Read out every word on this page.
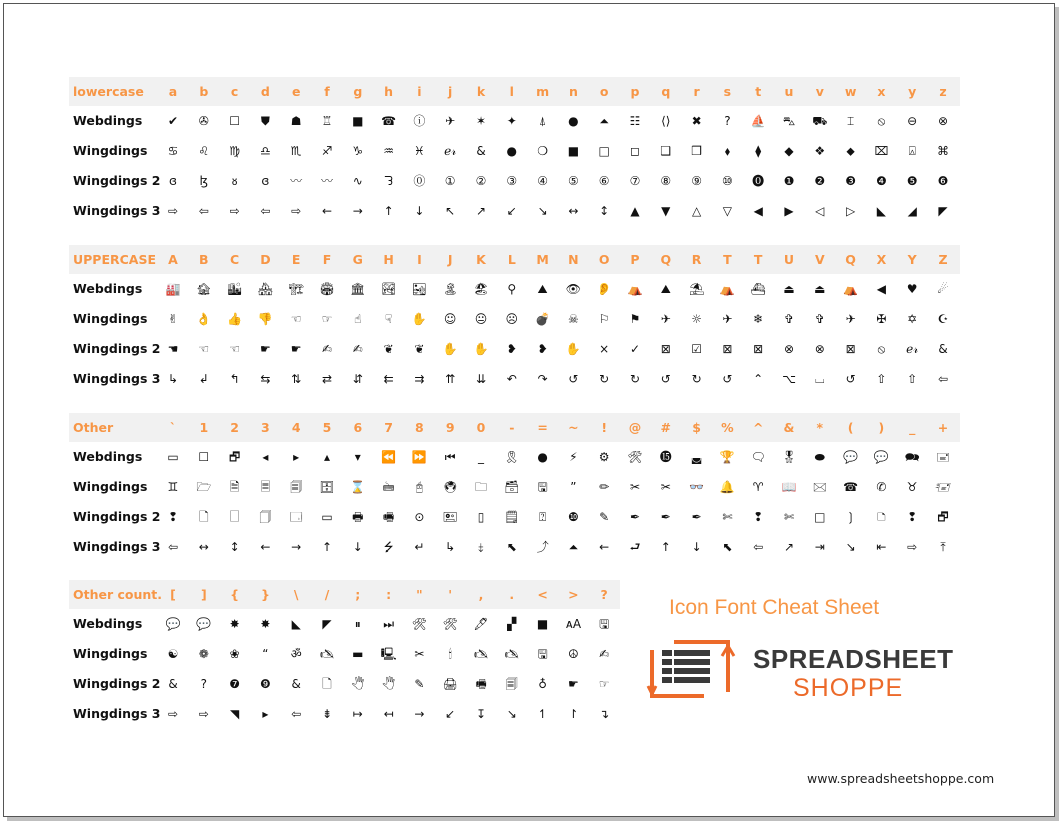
lowercase	a	b	c	d	e	f	g	h	i	j	k	l	m	n	o	p	q	r	s	t	u	v	w	x	y	z
Webdings	✔	✇	☐	⛊	☗	♖	■	☎	ⓘ	✈	✶	✦	⍋	●	⏶	☷	⟨⟩	✖	?	⛵	⛍	⛟	⌶	⦸	⊖	⊗
Wingdings	♋	♌	♍	♎	♏	♐	♑	♒	♓	ℯ𝓇	&	●	❍	■	□	◻	❑	❒	⬧	⧫	◆	❖	⬥	⌧	⍓	⌘
Wingdings 2 ɞ	ɮ	ᴕ	ɞ	〰	〰	∿	ᘊ	⓪	①	②	③	④	⑤	⑥	⑦	⑧	⑨	⑩	⓿	❶	❷	❸	❹	❺	❻
Wingdings 3 ⇨	⇦	⇨	⇦	⇨	←	→	↑	↓	↖	↗	↙	↘	↔	↕	▲	▼	△	▽	◀	▶	◁	▷	◣	◢	◤
UPPERCASE A	B	C	D	E	F	G	H	I	J	K	L	M	N	O	P	Q	R	T	T	U	V	Q	X	Y	Z
Webdings	🏭	🏚	🏙	🏘	🏗	🏟	🏛	🏞	🏜	🏝	🏖	⚲	⛰	👁	👂	⛺	⛰	⛱	⛺	⛴	⏏	⏏	⛺	◀	♥	☄
Wingdings	✌	👌	👍	👎	☜	☞	☝	☟	✋	☺	😐	☹	💣	☠	⚐	⚑	✈	☼	✈	❄	✞	✞	✈	✠	✡	☪
Wingdings 2 ☚	☜	☜	☛	☛	✍	✍	❦	❦	✋	✋	❥	❥	✋	×	✓	⊠	☑	⊠	⊠	⊗	⊗	⊠	⦸	ℯ𝓇	&
Wingdings 3 ↳	↲	↰	⇆	⇅	⇄	⇵	⇇	⇉	⇈	⇊	↶	↷	↺	↻	↻	↺	↻	↺	⌃	⌥	⌴	↺	⇧	⇧	⇦
Other	`	1	2	3	4	5	6	7	8	9	0	-	=	~	!	@	#	$	%	^	&	*	(	)	_	+
Webdings	▭	☐	🗗	◂	▸	▴	▾	⏪	⏩	⏮	_	🎗	●	⚡	⚙	🛠	⓯	◛	🏆	🗨	🎖	⬬	💬	💬	🗪	🖃
Wingdings	♊	🗁	🗎	🗏	🗐	🗄	⌛	🖮	🖰	🖲	🗀	🗃	🖫	”	✏	✂	✂	👓	🔔	♈	📖	🖂	☎	✆	♉	🖅
Wingdings 2 ❢	🗋	🗌	🗍	🗔	▭	🖶	🖷	⊙	🖭	▯	🗒	⍰	❿	✎	✒	✒	✒	✄	❢	✄	□	❳	🗅	❢	🗗
Wingdings 3 ⇦	↔	↕	←	→	↑	↓	⭍	↵	↳	⤈	⬉	⤴	⏶	←	⮐	↑	↓	⬉	⇦	↗	⇥	↘	⇤	⇨	⤒
Other count. [	]	{	}	\	/	;	:	"	'	,	.	<	>	?
Webdings	💬	💬	✸	✸	◣	◤	⏸	⏭	🛠	🛠	🖋	▞	■	ᴀA	🖫
Wingdings	☯	❁	❀	“	ॐ	🖎	▬	🖳	✂	🕯	🖎	🖎	🖫	☮	✍
Wingdings 2 &	?	❼	❾	&	🗋	🖑	🖑	✎	🖨	🖷	🗐	♁	☛	☞
Wingdings 3 ⇨	⇨	◥	▸	⇦	⇟	↦	↤	→	↙	↧	↘	↿	↾	↴
Icon Font Cheat Sheet
SPREADSHEET
SHOPPE
www.spreadsheetshoppe.com
